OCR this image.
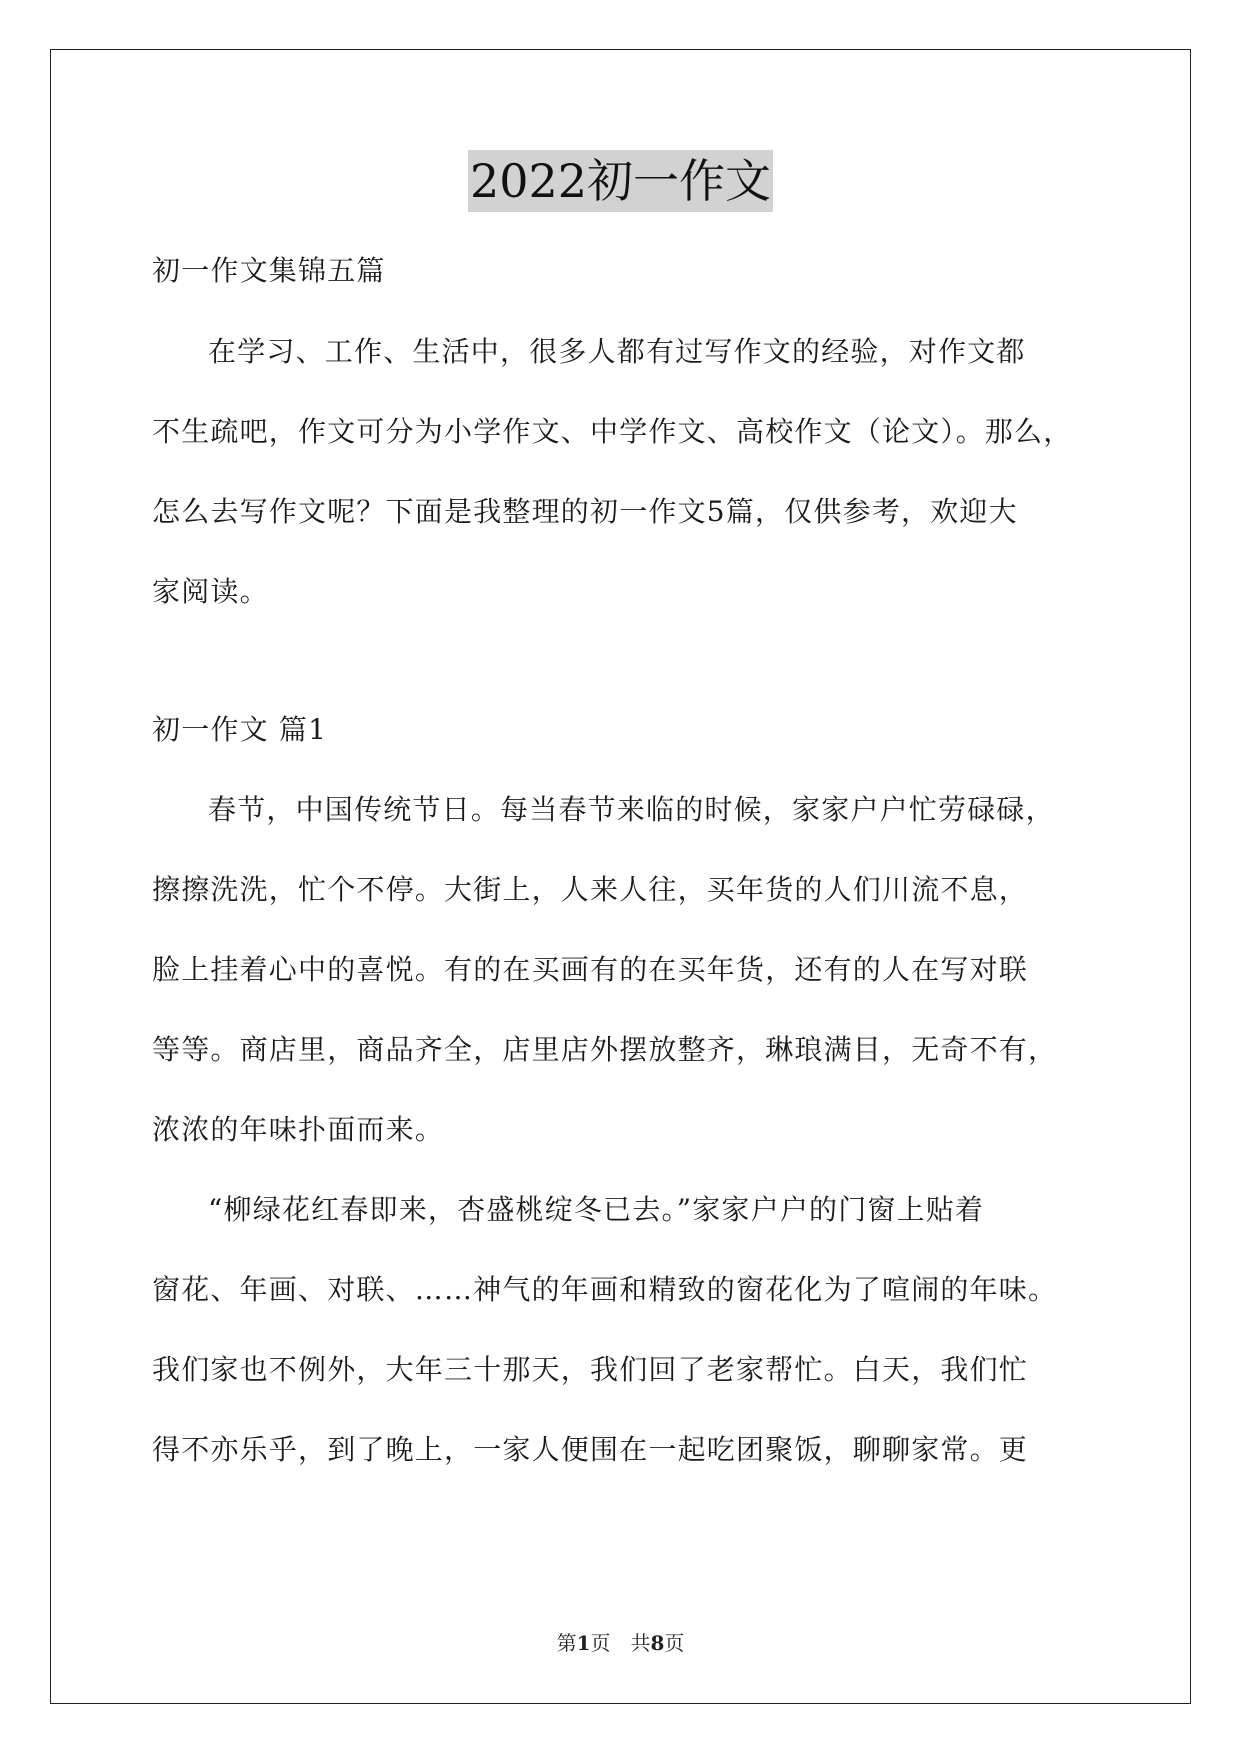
2022初一作文

初一作文集锦五篇

在学习、工作、生活中，很多人都有过写作文的经验，对作文都

不生疏吧，作文可分为小学作文、中学作文、高校作文（论文）。那么，

怎么去写作文呢？下面是我整理的初一作文5篇，仅供参考，欢迎大

家阅读。

初一作文 篇1

春节，中国传统节日。每当春节来临的时候，家家户户忙劳碌碌，

擦擦洗洗，忙个不停。大街上，人来人往，买年货的人们川流不息，

脸上挂着心中的喜悦。有的在买画有的在买年货，还有的人在写对联

等等。商店里，商品齐全，店里店外摆放整齐，琳琅满目，无奇不有，

浓浓的年味扑面而来。

“柳绿花红春即来，杏盛桃绽冬已去。”家家户户的门窗上贴着

窗花、年画、对联、……神气的年画和精致的窗花化为了喧闹的年味。

我们家也不例外，大年三十那天，我们回了老家帮忙。白天，我们忙

得不亦乐乎，到了晚上，一家人便围在一起吃团聚饭，聊聊家常。更

第1页　共8页
